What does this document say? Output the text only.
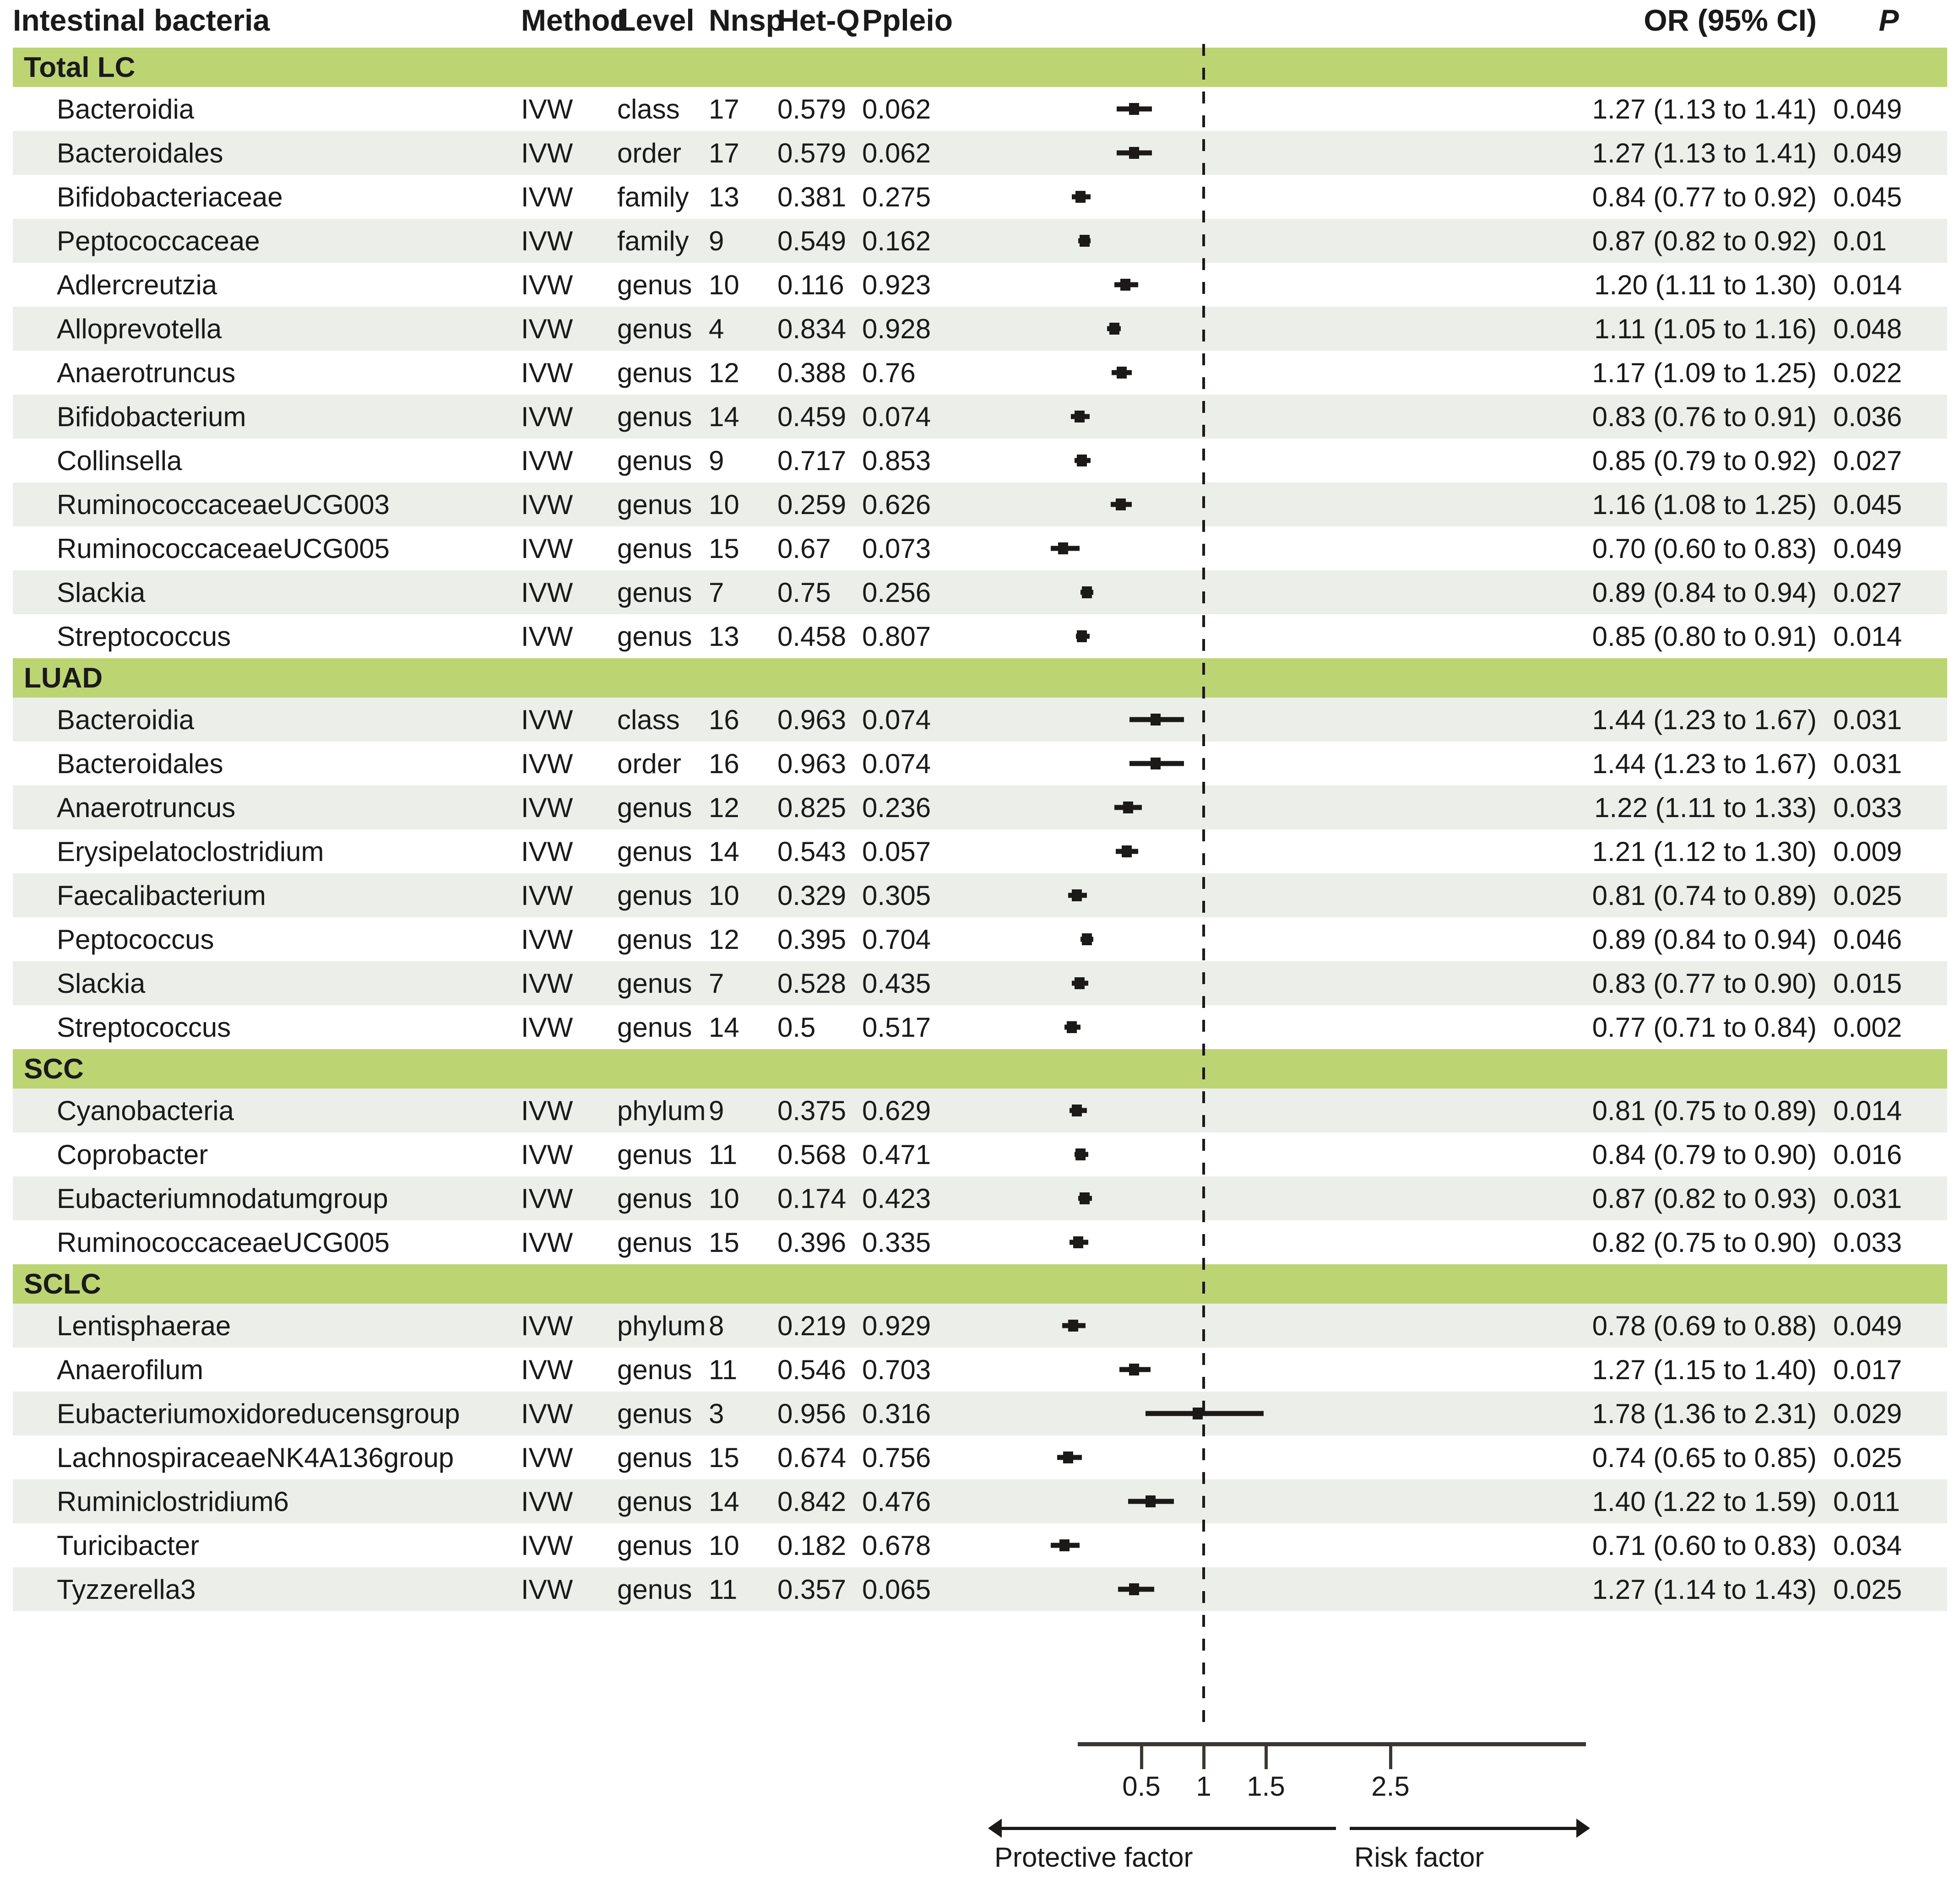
Intestinal bacteria	Method	Level	Nnsp	Het-Q	Ppleio		OR (95% CI)	P
Total LC								
Bacteroidia	IVW	class	17	0.579	0.062		1.27 (1.13 to 1.41)	0.049
Bacteroidales	IVW	order	17	0.579	0.062		1.27 (1.13 to 1.41)	0.049
Bifidobacteriaceae	IVW	family	13	0.381	0.275		0.84 (0.77 to 0.92)	0.045
Peptococcaceae	IVW	family	9	0.549	0.162		0.87 (0.82 to 0.92)	0.01
Adlercreutzia	IVW	genus	10	0.116	0.923		1.20 (1.11 to 1.30)	0.014
Alloprevotella	IVW	genus	4	0.834	0.928		1.11 (1.05 to 1.16)	0.048
Anaerotruncus	IVW	genus	12	0.388	0.76		1.17 (1.09 to 1.25)	0.022
Bifidobacterium	IVW	genus	14	0.459	0.074		0.83 (0.76 to 0.91)	0.036
Collinsella	IVW	genus	9	0.717	0.853		0.85 (0.79 to 0.92)	0.027
RuminococcaceaeUCG003	IVW	genus	10	0.259	0.626		1.16 (1.08 to 1.25)	0.045
RuminococcaceaeUCG005	IVW	genus	15	0.67	0.073		0.70 (0.60 to 0.83)	0.049
Slackia	IVW	genus	7	0.75	0.256		0.89 (0.84 to 0.94)	0.027
Streptococcus	IVW	genus	13	0.458	0.807		0.85 (0.80 to 0.91)	0.014
LUAD								
Bacteroidia	IVW	class	16	0.963	0.074		1.44 (1.23 to 1.67)	0.031
Bacteroidales	IVW	order	16	0.963	0.074		1.44 (1.23 to 1.67)	0.031
Anaerotruncus	IVW	genus	12	0.825	0.236		1.22 (1.11 to 1.33)	0.033
Erysipelatoclostridium	IVW	genus	14	0.543	0.057		1.21 (1.12 to 1.30)	0.009
Faecalibacterium	IVW	genus	10	0.329	0.305		0.81 (0.74 to 0.89)	0.025
Peptococcus	IVW	genus	12	0.395	0.704		0.89 (0.84 to 0.94)	0.046
Slackia	IVW	genus	7	0.528	0.435		0.83 (0.77 to 0.90)	0.015
Streptococcus	IVW	genus	14	0.5	0.517		0.77 (0.71 to 0.84)	0.002
SCC								
Cyanobacteria	IVW	phylum	9	0.375	0.629		0.81 (0.75 to 0.89)	0.014
Coprobacter	IVW	genus	11	0.568	0.471		0.84 (0.79 to 0.90)	0.016
Eubacteriumnodatumgroup	IVW	genus	10	0.174	0.423		0.87 (0.82 to 0.93)	0.031
RuminococcaceaeUCG005	IVW	genus	15	0.396	0.335		0.82 (0.75 to 0.90)	0.033
SCLC								
Lentisphaerae	IVW	phylum	8	0.219	0.929		0.78 (0.69 to 0.88)	0.049
Anaerofilum	IVW	genus	11	0.546	0.703		1.27 (1.15 to 1.40)	0.017
Eubacteriumoxidoreducensgroup	IVW	genus	3	0.956	0.316		1.78 (1.36 to 2.31)	0.029
LachnospiraceaeNK4A136group	IVW	genus	15	0.674	0.756		0.74 (0.65 to 0.85)	0.025
Ruminiclostridium6	IVW	genus	14	0.842	0.476		1.40 (1.22 to 1.59)	0.011
Turicibacter	IVW	genus	10	0.182	0.678		0.71 (0.60 to 0.83)	0.034
Tyzzerella3	IVW	genus	11	0.357	0.065		1.27 (1.14 to 1.43)	0.025
0.5 1 1.5	2.5
Protective factor	Risk factor
